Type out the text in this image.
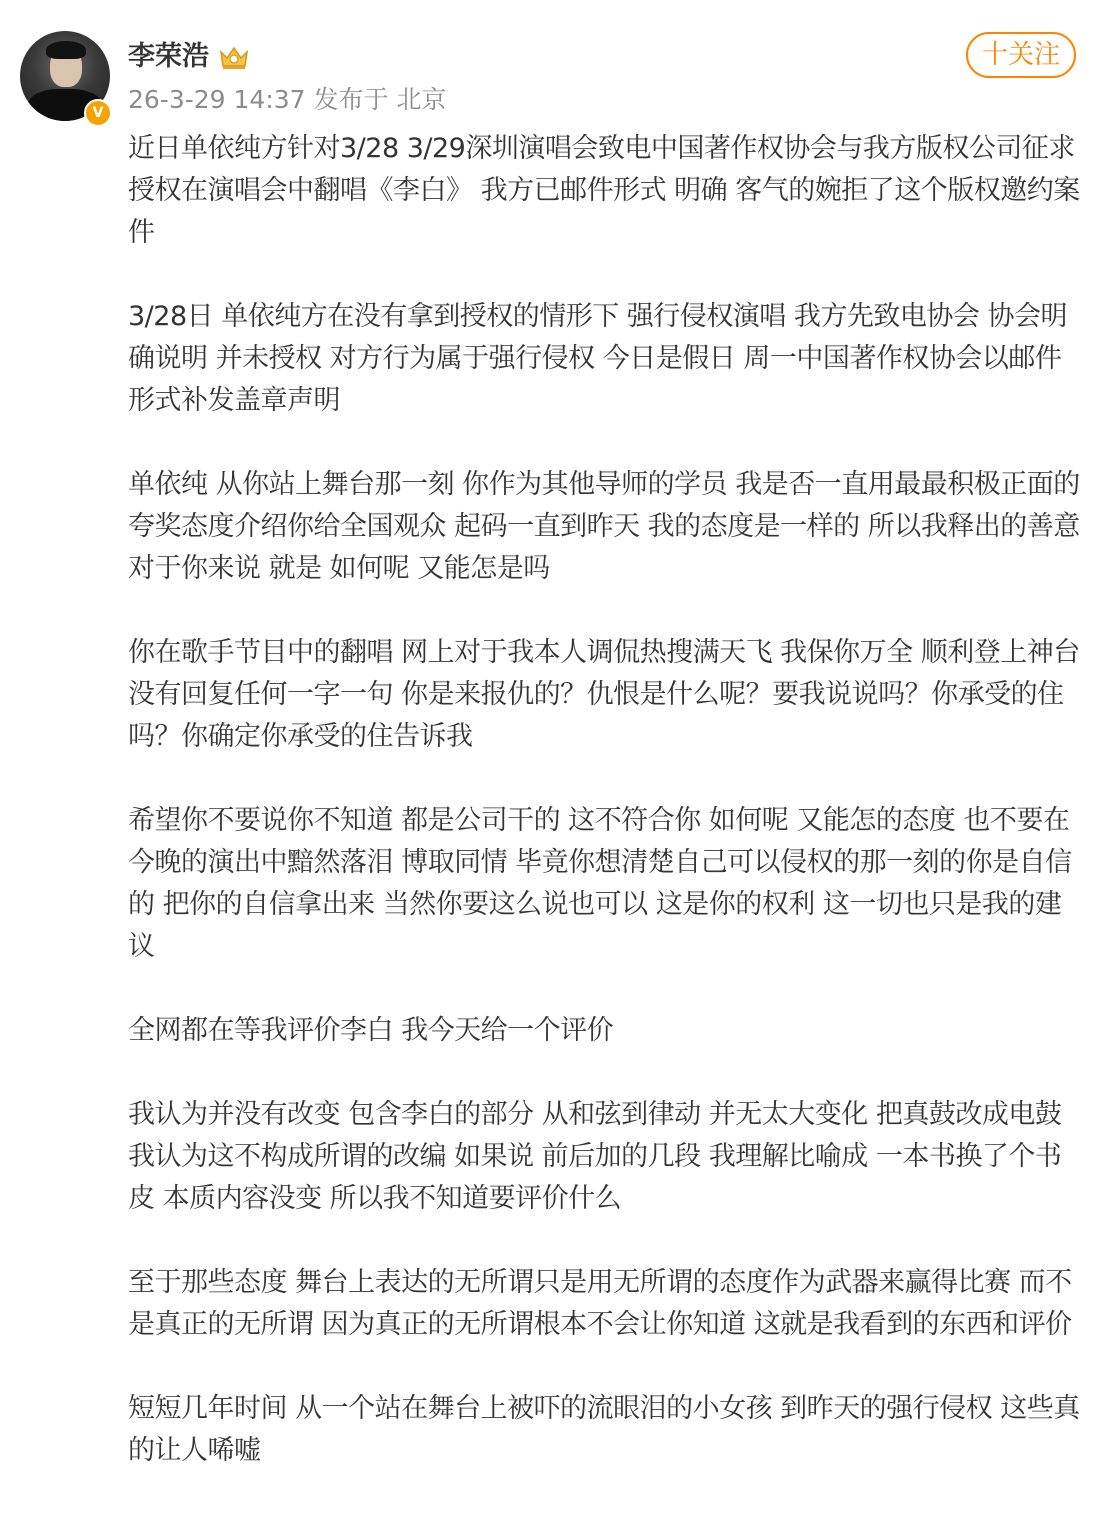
V
李荣浩
26-3-29 14:37 发布于 北京
十关注

近日单依纯方针对3/28 3/29深圳演唱会致电中国著作权协会与我方版权公司征求授权在演唱会中翻唱《李白》 我方已邮件形式 明确 客气的婉拒了这个版权邀约案件

3/28日 单依纯方在没有拿到授权的情形下 强行侵权演唱 我方先致电协会 协会明确说明 并未授权 对方行为属于强行侵权 今日是假日 周一中国著作权协会以邮件形式补发盖章声明

单依纯 从你站上舞台那一刻 你作为其他导师的学员 我是否一直用最最积极正面的夸奖态度介绍你给全国观众 起码一直到昨天 我的态度是一样的 所以我释出的善意对于你来说 就是 如何呢 又能怎是吗

你在歌手节目中的翻唱 网上对于我本人调侃热搜满天飞 我保你万全 顺利登上神台 没有回复任何一字一句 你是来报仇的？仇恨是什么呢？要我说说吗？你承受的住吗？你确定你承受的住告诉我

希望你不要说你不知道 都是公司干的 这不符合你 如何呢 又能怎的态度 也不要在今晚的演出中黯然落泪 博取同情 毕竟你想清楚自己可以侵权的那一刻的你是自信的 把你的自信拿出来 当然你要这么说也可以 这是你的权利 这一切也只是我的建议

全网都在等我评价李白 我今天给一个评价

我认为并没有改变 包含李白的部分 从和弦到律动 并无太大变化 把真鼓改成电鼓 我认为这不构成所谓的改编 如果说 前后加的几段 我理解比喻成 一本书换了个书皮 本质内容没变 所以我不知道要评价什么

至于那些态度 舞台上表达的无所谓只是用无所谓的态度作为武器来赢得比赛 而不是真正的无所谓 因为真正的无所谓根本不会让你知道 这就是我看到的东西和评价

短短几年时间 从一个站在舞台上被吓的流眼泪的小女孩 到昨天的强行侵权 这些真的让人唏嘘
